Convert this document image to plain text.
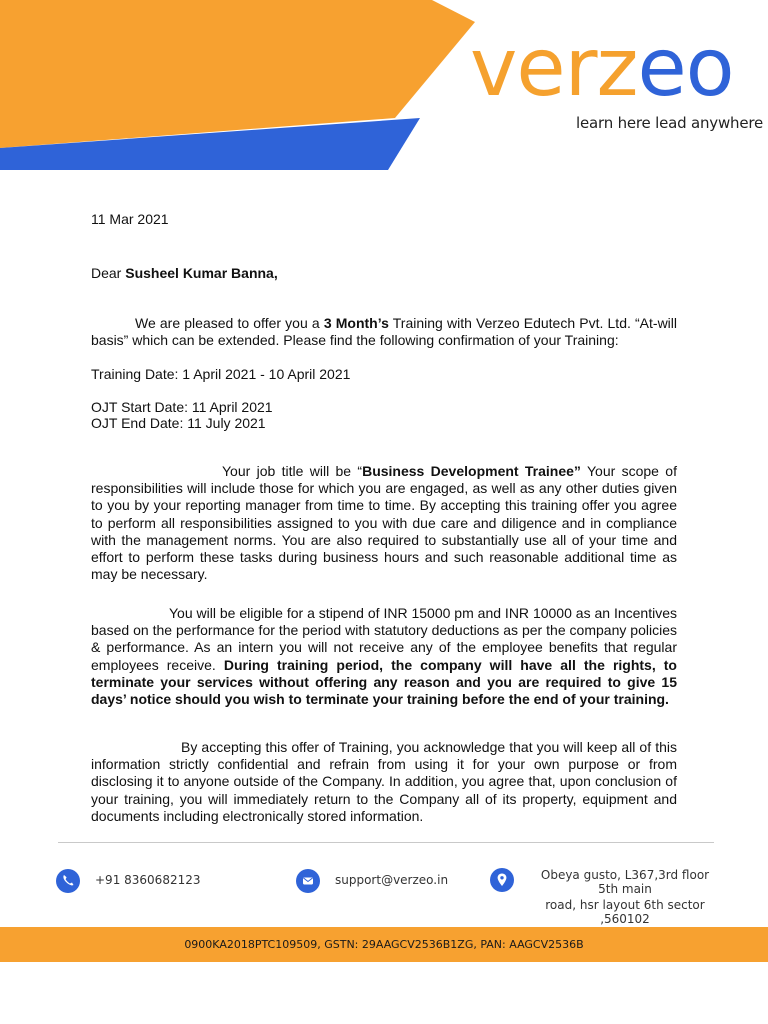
verzeo
learn here lead anywhere
11 Mar 2021
Dear Susheel Kumar Banna,
We are pleased to offer you a 3 Month’s Training with Verzeo Edutech Pvt. Ltd. “At-will basis” which can be extended. Please find the following confirmation of your Training:
Training Date: 1 April 2021 - 10 April 2021
OJT Start Date: 11 April 2021
OJT End Date: 11 July 2021
Your job title will be “Business Development Trainee” Your scope of responsibilities will include those for which you are engaged, as well as any other duties given to you by your reporting manager from time to time. By accepting this training offer you agree to perform all responsibilities assigned to you with due care and diligence and in compliance with the management norms. You are also required to substantially use all of your time and effort to perform these tasks during business hours and such reasonable additional time as may be necessary.
You will be eligible for a stipend of INR 15000 pm and INR 10000 as an Incentives based on the performance for the period with statutory deductions as per the company policies & performance. As an intern you will not receive any of the employee benefits that regular employees receive. During training period, the company will have all the rights, to terminate your services without offering any reason and you are required to give 15 days’ notice should you wish to terminate your training before the end of your training.
By accepting this offer of Training, you acknowledge that you will keep all of this information strictly confidential and refrain from using it for your own purpose or from disclosing it to anyone outside of the Company. In addition, you agree that, upon conclusion of your training, you will immediately return to the Company all of its property, equipment and documents including electronically stored information.
+91 8360682123	support@verzeo.in	Obeya gusto, L367,3rd floor 5th main
road, hsr layout 6th sector ,560102
0900KA2018PTC109509, GSTN: 29AAGCV2536B1ZG, PAN: AAGCV2536B
